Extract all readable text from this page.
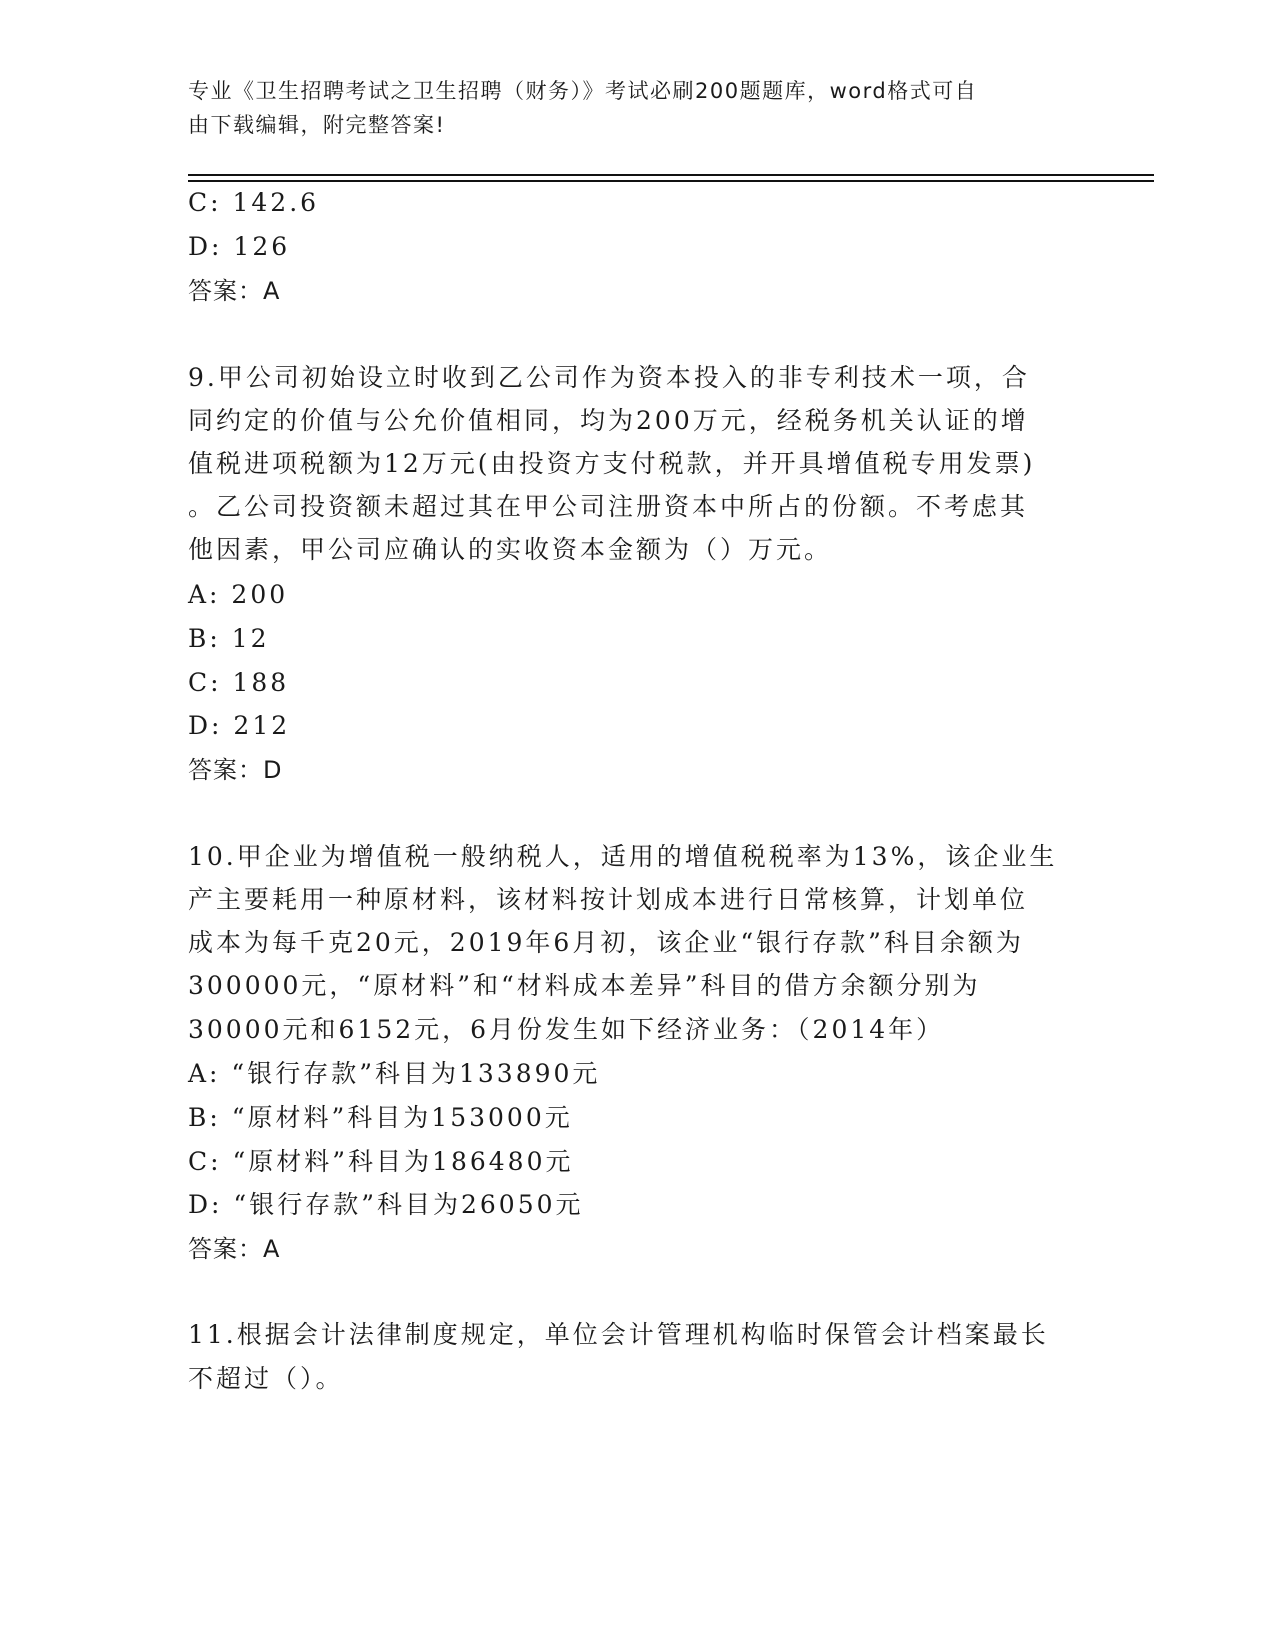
专业《卫生招聘考试之卫生招聘（财务）》考试必刷200题题库，word格式可自
由下载编辑，附完整答案!
C: 142.6
D: 126
答案：A
9.甲公司初始设立时收到乙公司作为资本投入的非专利技术一项，合
同约定的价值与公允价值相同，均为200万元，经税务机关认证的增
值税进项税额为12万元(由投资方支付税款，并开具增值税专用发票)
。乙公司投资额未超过其在甲公司注册资本中所占的份额。不考虑其
他因素，甲公司应确认的实收资本金额为（）万元。
A: 200
B: 12
C: 188
D: 212
答案：D
10.甲企业为增值税一般纳税人，适用的增值税税率为13%，该企业生
产主要耗用一种原材料，该材料按计划成本进行日常核算，计划单位
成本为每千克20元，2019年6月初，该企业“银行存款”科目余额为
300000元，“原材料”和“材料成本差异”科目的借方余额分别为
30000元和6152元，6月份发生如下经济业务：（2014年）
A: “银行存款”科目为133890元
B: “原材料”科目为153000元
C: “原材料”科目为186480元
D: “银行存款”科目为26050元
答案：A
11.根据会计法律制度规定，单位会计管理机构临时保管会计档案最长
不超过（）。
